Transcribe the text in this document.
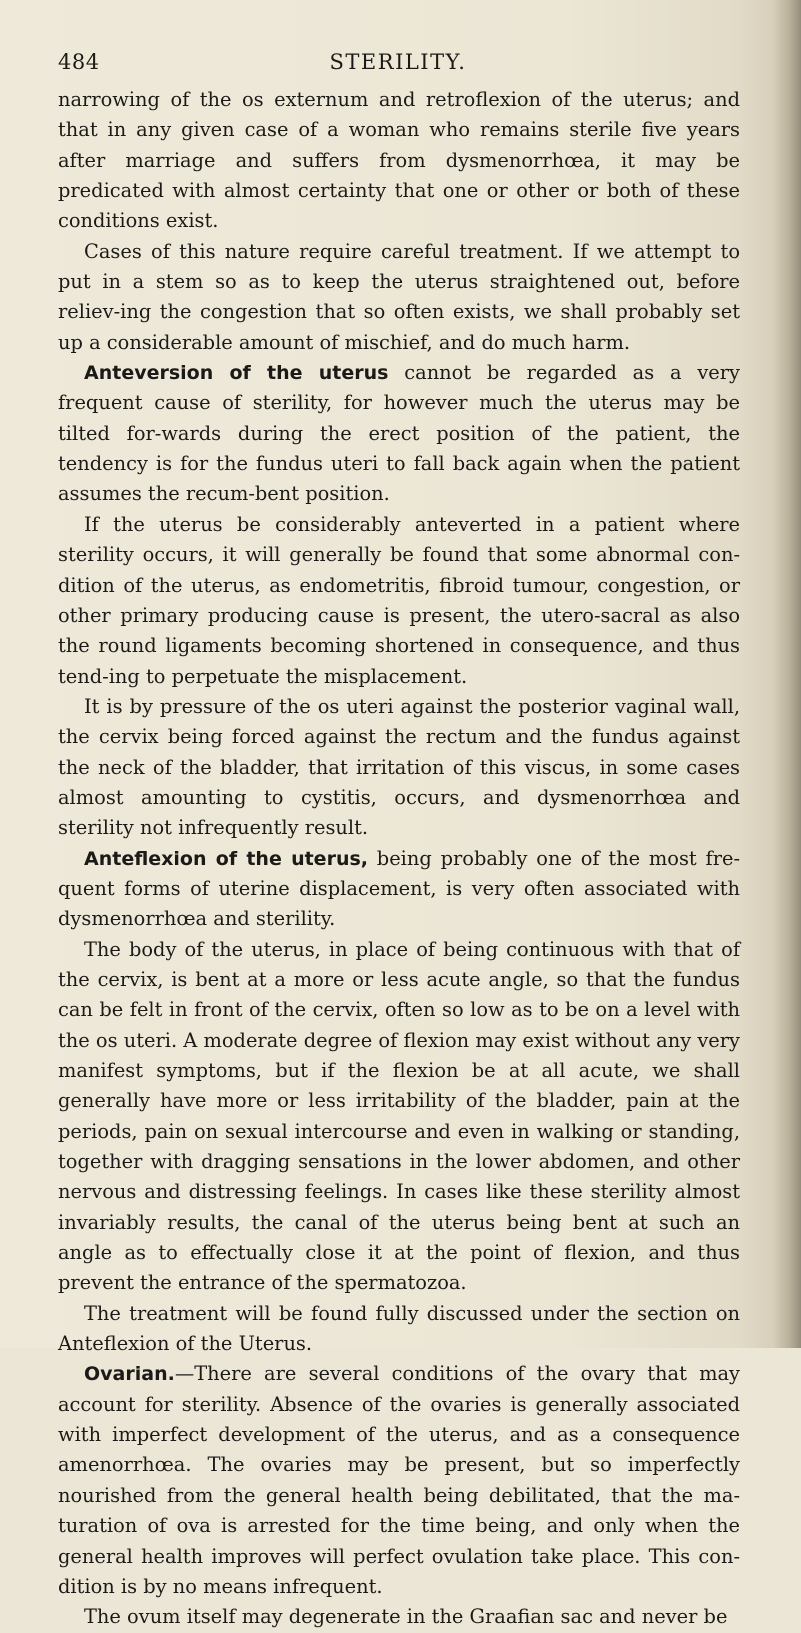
STERILITY.
484

narrowing of the os externum and retroflexion of the uterus; and that in any given case of a woman who remains sterile five years after marriage and suffers from dysmenorrhœa, it may be predicated with almost certainty that one or other or both of these conditions exist.

Cases of this nature require careful treatment. If we attempt to put in a stem so as to keep the uterus straightened out, before reliev-ing the congestion that so often exists, we shall probably set up a considerable amount of mischief, and do much harm.

Anteversion of the uterus cannot be regarded as a very frequent cause of sterility, for however much the uterus may be tilted for-wards during the erect position of the patient, the tendency is for the fundus uteri to fall back again when the patient assumes the recum-bent position.

If the uterus be considerably anteverted in a patient where sterility occurs, it will generally be found that some abnormal con-dition of the uterus, as endometritis, fibroid tumour, congestion, or other primary producing cause is present, the utero-sacral as also the round ligaments becoming shortened in consequence, and thus tend-ing to perpetuate the misplacement.

It is by pressure of the os uteri against the posterior vaginal wall, the cervix being forced against the rectum and the fundus against the neck of the bladder, that irritation of this viscus, in some cases almost amounting to cystitis, occurs, and dysmenorrhœa and sterility not infrequently result.

Anteflexion of the uterus, being probably one of the most fre-quent forms of uterine displacement, is very often associated with dysmenorrhœa and sterility.

The body of the uterus, in place of being continuous with that of the cervix, is bent at a more or less acute angle, so that the fundus can be felt in front of the cervix, often so low as to be on a level with the os uteri. A moderate degree of flexion may exist without any very manifest symptoms, but if the flexion be at all acute, we shall generally have more or less irritability of the bladder, pain at the periods, pain on sexual intercourse and even in walking or standing, together with dragging sensations in the lower abdomen, and other nervous and distressing feelings. In cases like these sterility almost invariably results, the canal of the uterus being bent at such an angle as to effectually close it at the point of flexion, and thus prevent the entrance of the spermatozoa.

The treatment will be found fully discussed under the section on Anteflexion of the Uterus.

Ovarian.—There are several conditions of the ovary that may account for sterility. Absence of the ovaries is generally associated with imperfect development of the uterus, and as a consequence amenorrhœa. The ovaries may be present, but so imperfectly nourished from the general health being debilitated, that the ma-turation of ova is arrested for the time being, and only when the general health improves will perfect ovulation take place. This con-dition is by no means infrequent.

The ovum itself may degenerate in the Graafian sac and never be
